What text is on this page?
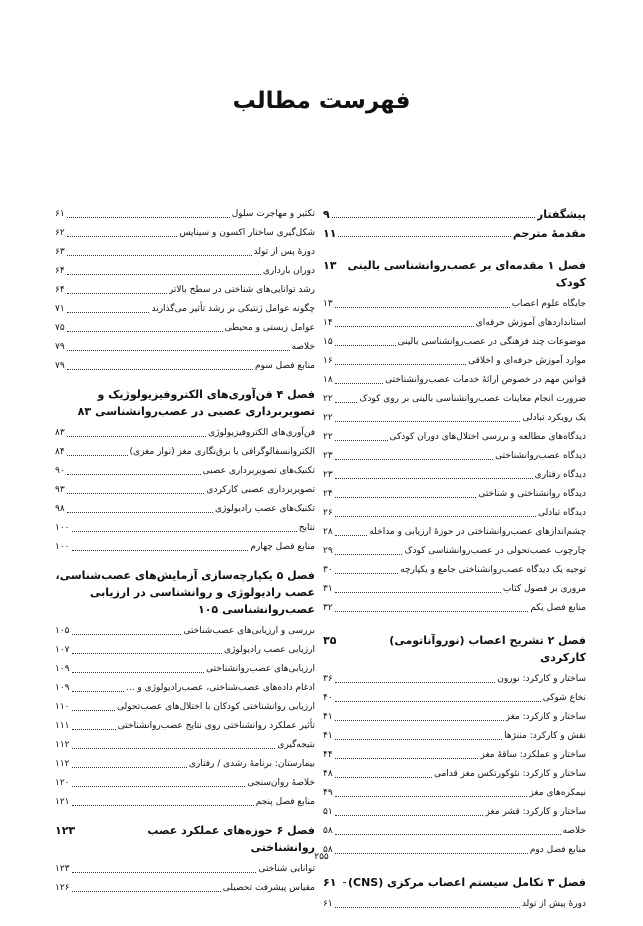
فهرست مطالب
پیشگفتار
۹
مقدمۀ مترجم
۱۱
فصل ۱ مقدمه‌ای بر عصب‌روانشناسی بالینی کودک
۱۳
جایگاه علوم اعصاب
۱۳
استانداردهای آموزش حرفه‌ای
۱۴
موضوعات چند فرهنگی در عصب‌روانشناسی بالینی
۱۵
موارد آموزش حرفه‌ای و اخلاقی
۱۶
قوانین مهم در خصوص ارائۀ خدمات عصب‌روانشناختی
۱۸
ضرورت انجام معاینات عصب‌روانشناسی بالینی بر روی کودک
۲۲
یک رویکرد تبادلی
۲۲
دیدگاه‌های مطالعه و بررسی اختلال‌های دوران کودکی
۲۲
دیدگاه عصب‌روانشناختی
۲۳
دیدگاه رفتاری
۲۳
دیدگاه روانشناختی و شناختی
۲۴
دیدگاه تبادلی
۲۶
چشم‌اندازهای عصب‌روانشناختی در حوزۀ ارزیابی و مداخله
۲۸
چارچوب عصب‌تحولی در عصب‌روانشناسی کودک
۲۹
توجیه یک دیدگاه عصب‌روانشناختی جامع و یکپارچه
۳۰
مروری بر فصول کتاب
۳۱
منابع فصل یکم
۳۲
فصل ۲ تشریح اعصاب (نوروآناتومی) کارکردی
۳۵
ساختار و کارکرد: نورون
۳۶
نخاع شوکی
۴۰
ساختار و کارکرد: مغز
۴۱
نقش و کارکرد: مننژها
۴۱
ساختار و عملکرد: ساقۀ مغز
۴۴
ساختار و کارکرد: نئوکورتکس مغز قدامی
۴۸
نیمکره‌های مغز
۴۹
ساختار و کارکرد: قشر مغز
۵۱
خلاصه
۵۸
منابع فصل دوم
۵۸
فصل ۳ تکامل سیستم اعصاب مرکزی (CNS)
۶۱
دورۀ پیش از تولد
۶۱
تکثیر و مهاجرت سلول
۶۱
شکل‌گیری ساختار اکسون و سیناپس
۶۲
دورۀ پس از تولد
۶۳
دوران بارداری
۶۴
رشد توانایی‌های شناختی در سطح بالاتر
۶۴
چگونه عوامل ژنتیکی بر رشد تأثیر می‌گذارند
۷۱
عوامل زیستی و محیطی
۷۵
خلاصه
۷۹
منابع فصل سوم
۷۹
فصل ۴ فن‌آوری‌های الکتروفیزیولوژیک و تصویربرداری عصبی در عصب‌روانشناسی۸۳
فن‌آوری‌های الکتروفیزیولوژی
۸۳
الکتروانسفالوگرافی یا برق‌نگاری مغز (نوار مغزی)
۸۴
تکنیک‌های تصویربرداری عصبی
۹۰
تصویربرداری عصبی کارکردی
۹۳
تکنیک‌های عصب رادیولوژی
۹۸
نتایج
۱۰۰
منابع فصل چهارم
۱۰۰
فصل ۵ یکپارچه‌سازی آزمایش‌های عصب‌شناسی، عصب رادیولوژی و روانشناسی در ارزیابی عصب‌روانشناسی۱۰۵
بررسی و ارزیابی‌های عصب‌شناختی
۱۰۵
ارزیابی عصب رادیولوژی
۱۰۷
ارزیابی‌های عصب‌روانشناختی
۱۰۹
ادغام داده‌های عصب‌شناختی، عصب‌رادیولوژی و ...
۱۰۹
ارزیابی روانشناختی کودکان با اختلال‌های عصب‌تحولی
۱۱۰
تأثیر عملکرد روانشناختی روی نتایج عصب‌روانشناختی
۱۱۱
نتیجه‌گیری
۱۱۲
بیمارستان: برنامۀ رشدی / رفتاری
۱۱۲
خلاصۀ روان‌سنجی
۱۲۰
منابع فصل پنجم
۱۲۱
فصل ۶ حوزه‌های عملکرد عصب روانشناختی
۱۲۳
توانایی شناختی
۱۲۳
مقیاس پیشرفت تحصیلی
۱۲۶
۲۵۵
